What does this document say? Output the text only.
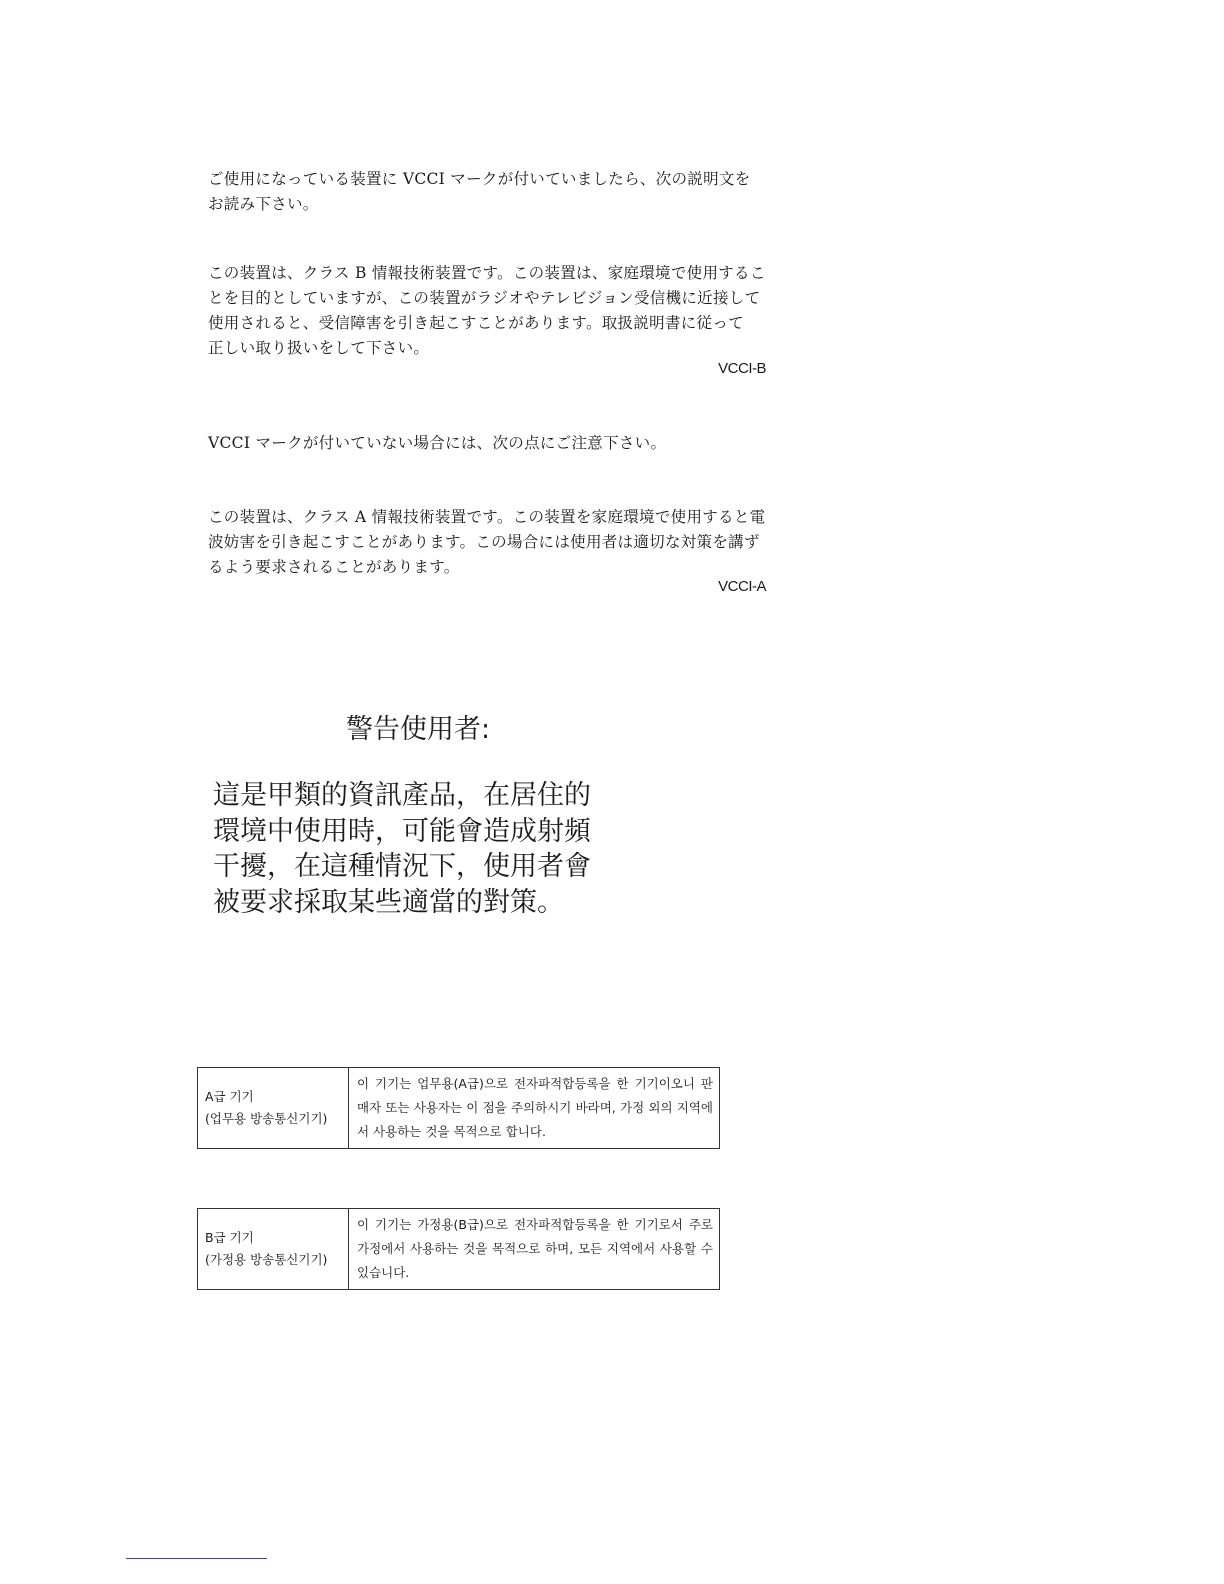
ご使用になっている装置に VCCI マークが付いていましたら、次の説明文を

お読み下さい。

この装置は、クラス B 情報技術装置です。この装置は、家庭環境で使用するこ

とを目的としていますが、この装置がラジオやテレビジョン受信機に近接して

使用されると、受信障害を引き起こすことがあります。取扱説明書に従って

正しい取り扱いをして下さい。

VCCI-B
VCCI マークが付いていない場合には、次の点にご注意下さい。

この装置は、クラス A 情報技術装置です。この装置を家庭環境で使用すると電

波妨害を引き起こすことがあります。この場合には使用者は適切な対策を講ず

るよう要求されることがあります。

VCCI-A
警告使用者:

這是甲類的資訊產品，在居住的

環境中使用時，可能會造成射頻

干擾，在這種情況下，使用者會

被要求採取某些適當的對策。

A급 기기
(업무용 방송통신기기)
	이 기기는 업무용(A급)으로 전자파적합등록을 한 기기이오니 판매자 또는 사용자는 이 점을 주의하시기 바라며, 가정 외의 지역에서 사용하는 것을 목적으로 합니다.
B급 기기
(가정용 방송통신기기)
	이 기기는 가정용(B급)으로 전자파적합등록을 한 기기로서 주로 가정에서 사용하는 것을 목적으로 하며, 모든 지역에서 사용할 수 있습니다.
